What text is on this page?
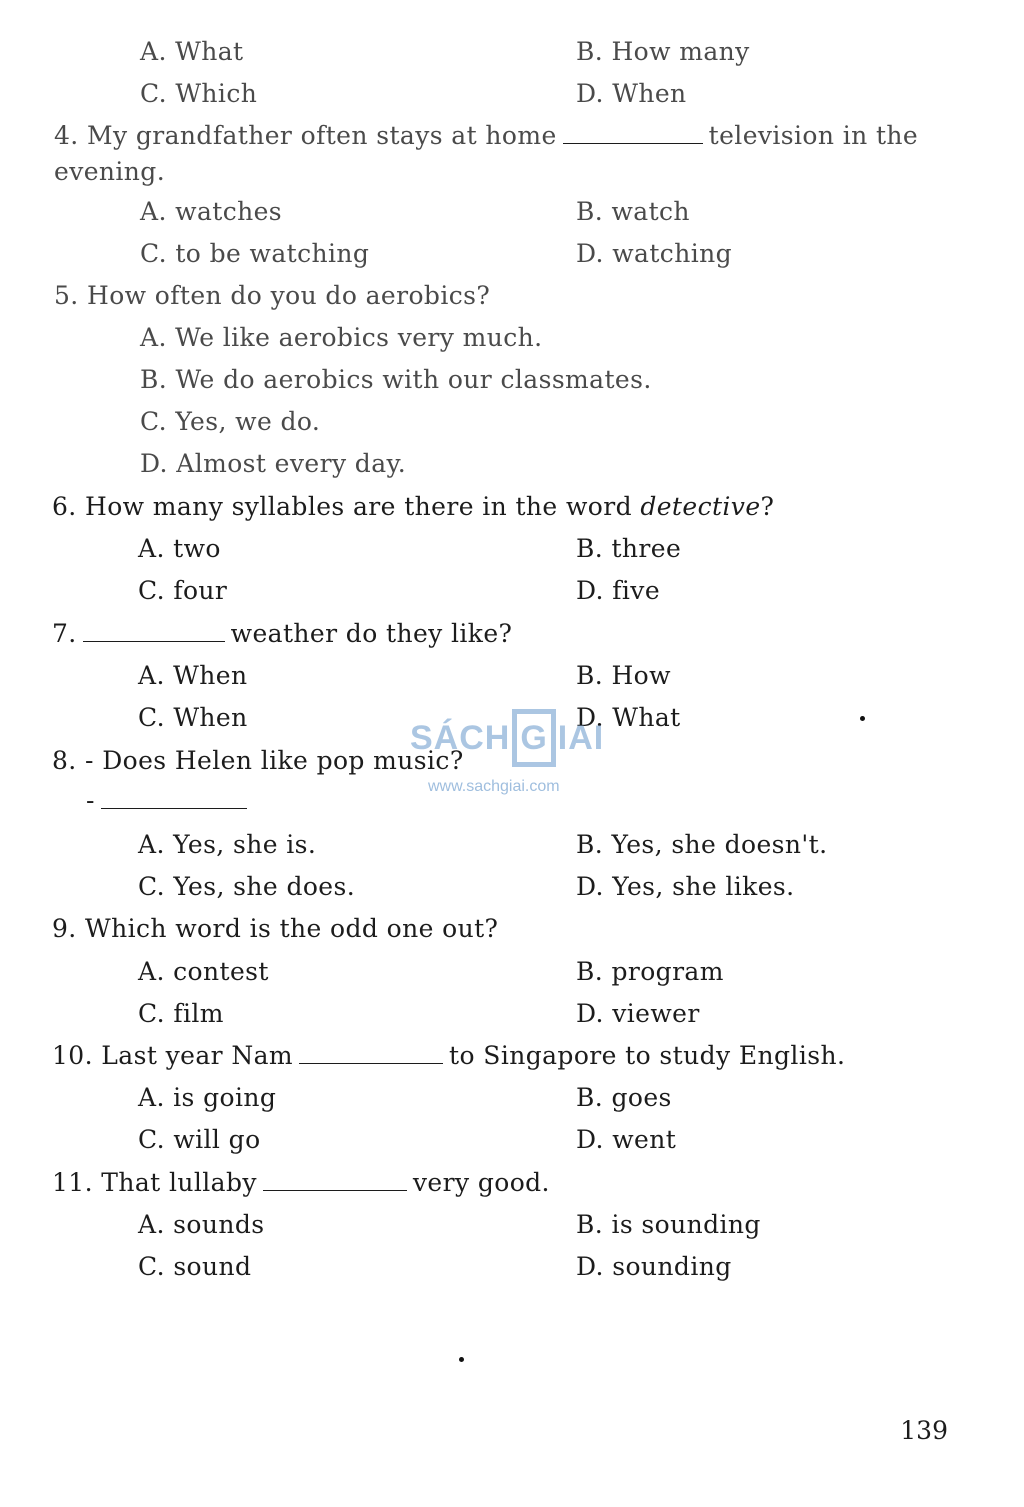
A. What	B. How many
C. Which	D. When
4. My grandfather often stays at home	television in the
evening.
A. watches	B. watch
C. to be watching	D. watching
5. How often do you do aerobics?
A. We like aerobics very much.
B. We do aerobics with our classmates.
C. Yes, we do.
D. Almost every day.
6. How many syllables are there in the word detective?
A. two	B. three
C. four	D. five
7.	weather do they like?
A. When	B. How
C. When	D. What
8. - Does Helen like pop music?
-
A. Yes, she is.	B. Yes, she doesn't.
C. Yes, she does.	D. Yes, she likes.
9. Which word is the odd one out?
A. contest	B. program
C. film	D. viewer
10. Last year Nam	to Singapore to study English.
A. is going	B. goes
C. will go	D. went
11. That lullaby	very good.
A. sounds	B. is sounding
C. sound	D. sounding
139
SÁCH G IAI
www.sachgiai.com
